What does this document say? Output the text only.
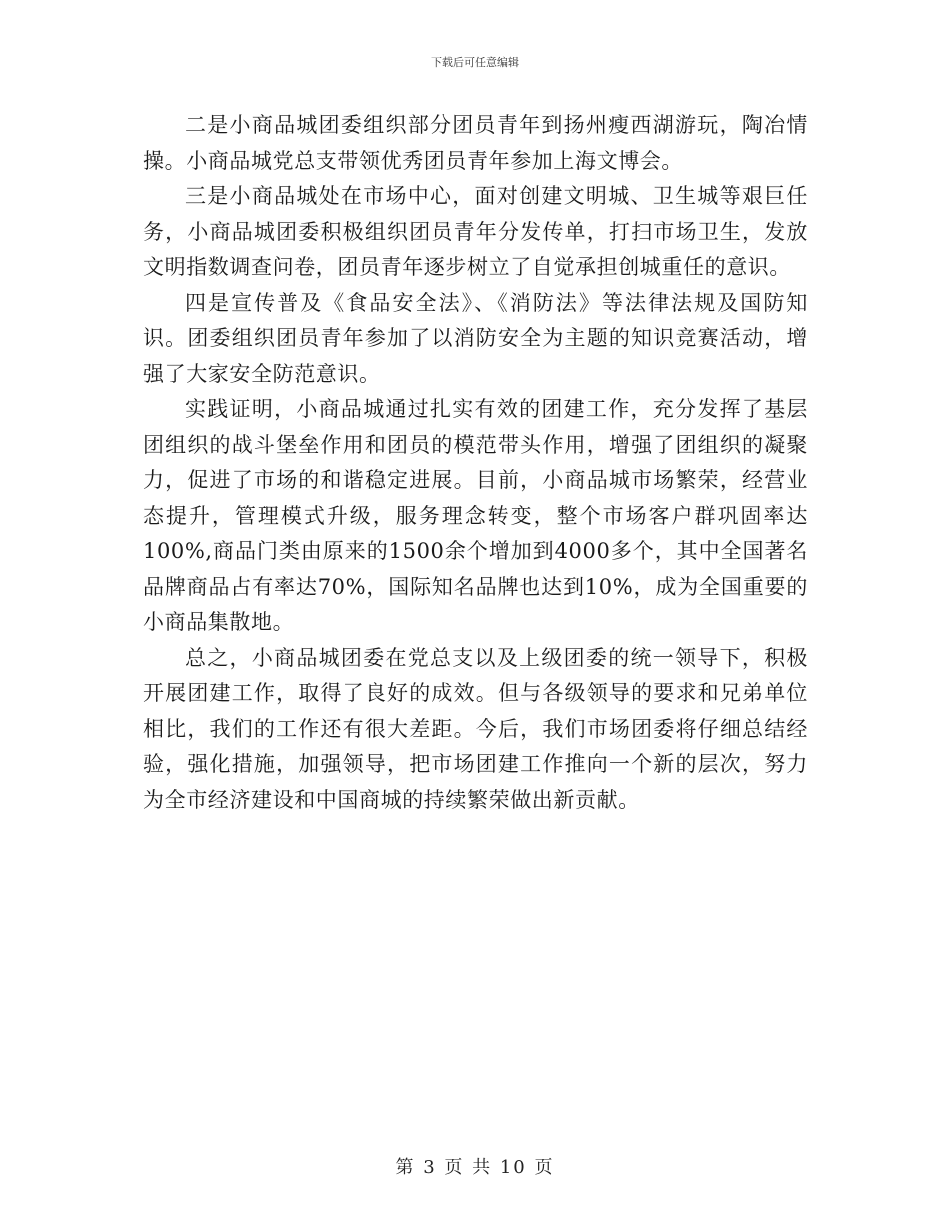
下载后可任意编辑

二是小商品城团委组织部分团员青年到扬州瘦西湖游玩，陶冶情操。小商品城党总支带领优秀团员青年参加上海文博会。

三是小商品城处在市场中心，面对创建文明城、卫生城等艰巨任务，小商品城团委积极组织团员青年分发传单，打扫市场卫生，发放文明指数调查问卷，团员青年逐步树立了自觉承担创城重任的意识。

四是宣传普及《食品安全法》、《消防法》等法律法规及国防知识。团委组织团员青年参加了以消防安全为主题的知识竞赛活动，增强了大家安全防范意识。

实践证明，小商品城通过扎实有效的团建工作，充分发挥了基层团组织的战斗堡垒作用和团员的模范带头作用，增强了团组织的凝聚力，促进了市场的和谐稳定进展。目前，小商品城市场繁荣，经营业态提升，管理模式升级，服务理念转变，整个市场客户群巩固率达100%,商品门类由原来的1500余个增加到4000多个，其中全国著名品牌商品占有率达70%，国际知名品牌也达到10%，成为全国重要的小商品集散地。

总之，小商品城团委在党总支以及上级团委的统一领导下，积极开展团建工作，取得了良好的成效。但与各级领导的要求和兄弟单位相比，我们的工作还有很大差距。今后，我们市场团委将仔细总结经验，强化措施，加强领导，把市场团建工作推向一个新的层次，努力为全市经济建设和中国商城的持续繁荣做出新贡献。

第 3 页 共 10 页
